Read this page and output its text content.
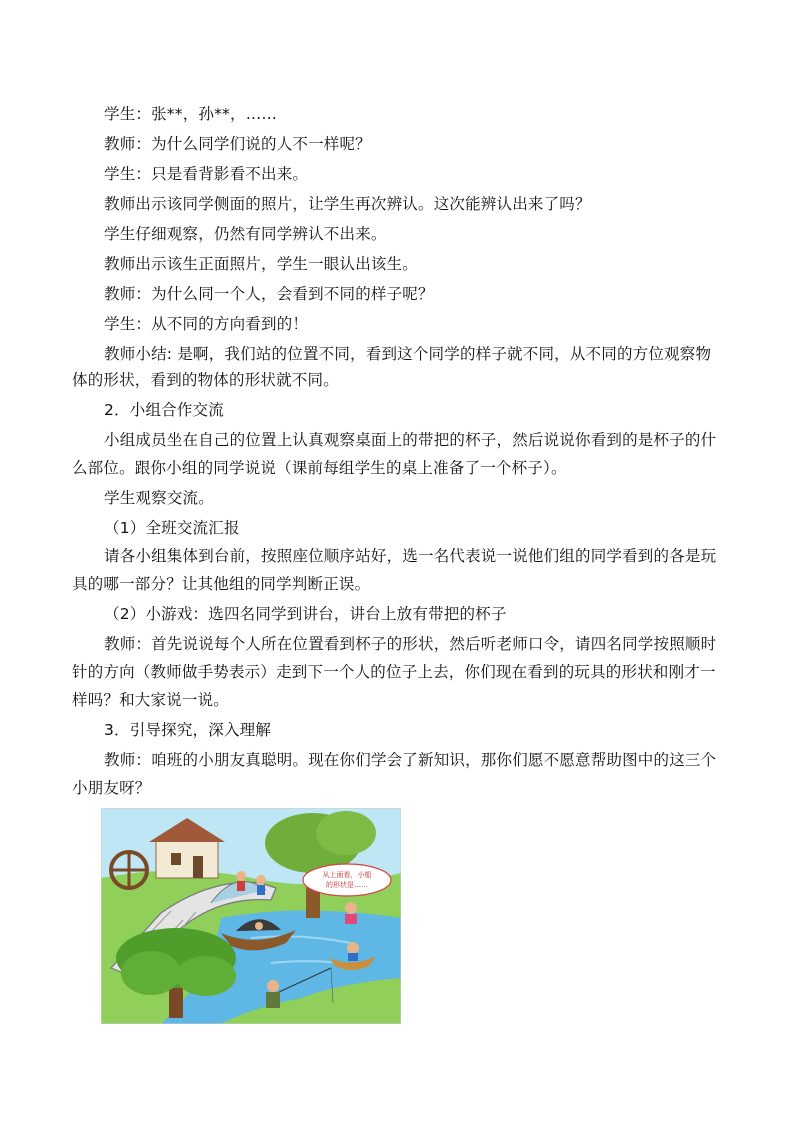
学生：张**，孙**，……
教师：为什么同学们说的人不一样呢？
学生：只是看背影看不出来。
教师出示该同学侧面的照片，让学生再次辨认。这次能辨认出来了吗？
学生仔细观察，仍然有同学辨认不出来。
教师出示该生正面照片，学生一眼认出该生。
教师：为什么同一个人，会看到不同的样子呢？
学生：从不同的方向看到的！
教师小结: 是啊，我们站的位置不同，看到这个同学的样子就不同，从不同的方位观察物
体的形状，看到的物体的形状就不同。
2．小组合作交流
小组成员坐在自己的位置上认真观察桌面上的带把的杯子，然后说说你看到的是杯子的什
么部位。跟你小组的同学说说（课前每组学生的桌上准备了一个杯子）。
学生观察交流。
（1）全班交流汇报
请各小组集体到台前，按照座位顺序站好，选一名代表说一说他们组的同学看到的各是玩
具的哪一部分？让其他组的同学判断正误。
（2）小游戏：选四名同学到讲台，讲台上放有带把的杯子
教师：首先说说每个人所在位置看到杯子的形状，然后听老师口令，请四名同学按照顺时
针的方向（教师做手势表示）走到下一个人的位子上去，你们现在看到的玩具的形状和刚才一
样吗？和大家说一说。
3．引导探究，深入理解
教师：咱班的小朋友真聪明。现在你们学会了新知识，那你们愿不愿意帮助图中的这三个
小朋友呀？
从上面看，小船
的形状是……
